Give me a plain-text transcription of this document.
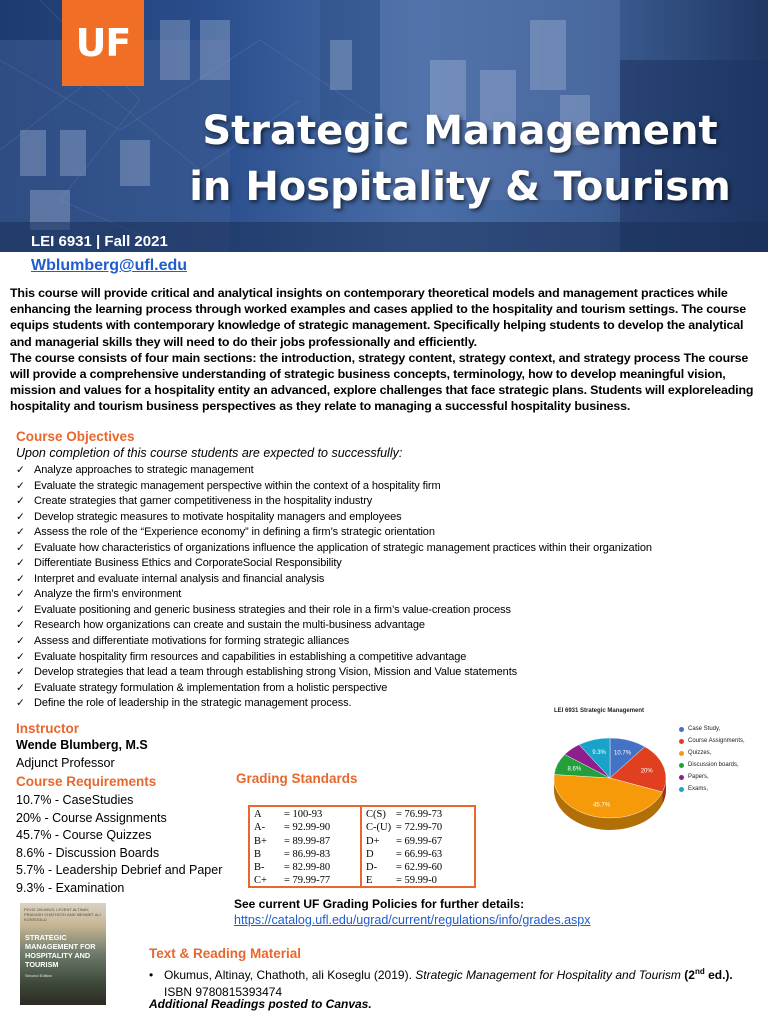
UF
Strategic Management
in Hospitality & Tourism
LEI 6931 | Fall 2021
Wblumberg@ufl.edu

This course will provide critical and analytical insights on contemporary theoretical models and management practices while enhancing the learning process through worked examples and cases applied to the hospitality and tourism settings. The course equips students with contemporary knowledge of strategic management. Specifically helping students to develop the analytical and managerial skills they will need to do their jobs professionally and efficiently.

The course consists of four main sections: the introduction, strategy content, strategy context, and strategy process The course will provide a comprehensive understanding of strategic business concepts, terminology, how to develop meaningful vision, mission and values for a hospitality entity an advanced, explore challenges that face strategic plans. Students will exploreleading hospitality and tourism business perspectives as they relate to managing a successful hospitality business.

Course Objectives
Upon completion of this course students are expected to successfully:
✓ Analyze approaches to strategic management
✓ Evaluate the strategic management perspective within the context of a hospitality firm
✓ Create strategies that garner competitiveness in the hospitality industry
✓ Develop strategic measures to motivate hospitality managers and employees
✓ Assess the role of the “Experience economy” in defining a firm’s strategic orientation
✓ Evaluate how characteristics of organizations influence the application of strategic management practices within their organization
✓ Differentiate Business Ethics and CorporateSocial Responsibility
✓ Interpret and evaluate internal analysis and financial analysis
✓ Analyze the firm’s environment
✓ Evaluate positioning and generic business strategies and their role in a firm’s value-creation process
✓ Research how organizations can create and sustain the multi-business advantage
✓ Assess and differentiate motivations for forming strategic alliances
✓ Evaluate hospitality firm resources and capabilities in establishing a competitive advantage
✓ Develop strategies that lead a team through establishing strong Vision, Mission and Value statements
✓ Evaluate strategy formulation & implementation from a holistic perspective
✓ Define the role of leadership in the strategic management process.
Instructor
Wende Blumberg, M.S
Adjunct Professor
Course Requirements
10.7% - CaseStudies
20% - Course Assignments
45.7% - Course Quizzes
8.6% - Discussion Boards
5.7% - Leadership Debrief and Paper
9.3% - Examination
Grading Standards
A	= 100-93
A-	= 92.99-90
B+	= 89.99-87
B	= 86.99-83
B-	= 82.99-80
C+	= 79.99-77
C(S) = 76.99-73
C-(U) = 72.99-70
D+	= 69.99-67
D	= 66.99-63
D-	= 62.99-60
E	= 59.99-0
See current UF Grading Policies for further details:
https://catalog.ufl.edu/ugrad/current/regulations/info/grades.aspx
10.7%
20%
45.7%
8.6%
9.3%
LEI 6931 Strategic Management
Case Study,
Course Assignments,
Quizzes,
Discussion boards,
Papers,
Exams,
FEVZI OKUMUS, LEVENT ALTINAY, PRAKASH CHATHOTH AND MEHMET ALI KOSEOGLU
STRATEGIC MANAGEMENT FOR HOSPITALITY AND TOURISM
Second Edition
Text & Reading Material
• Okumus, Altinay, Chathoth, ali Koseglu (2019). Strategic Management for Hospitality and Tourism (2nd ed.).
ISBN 9780815393474
Additional Readings posted to Canvas.
